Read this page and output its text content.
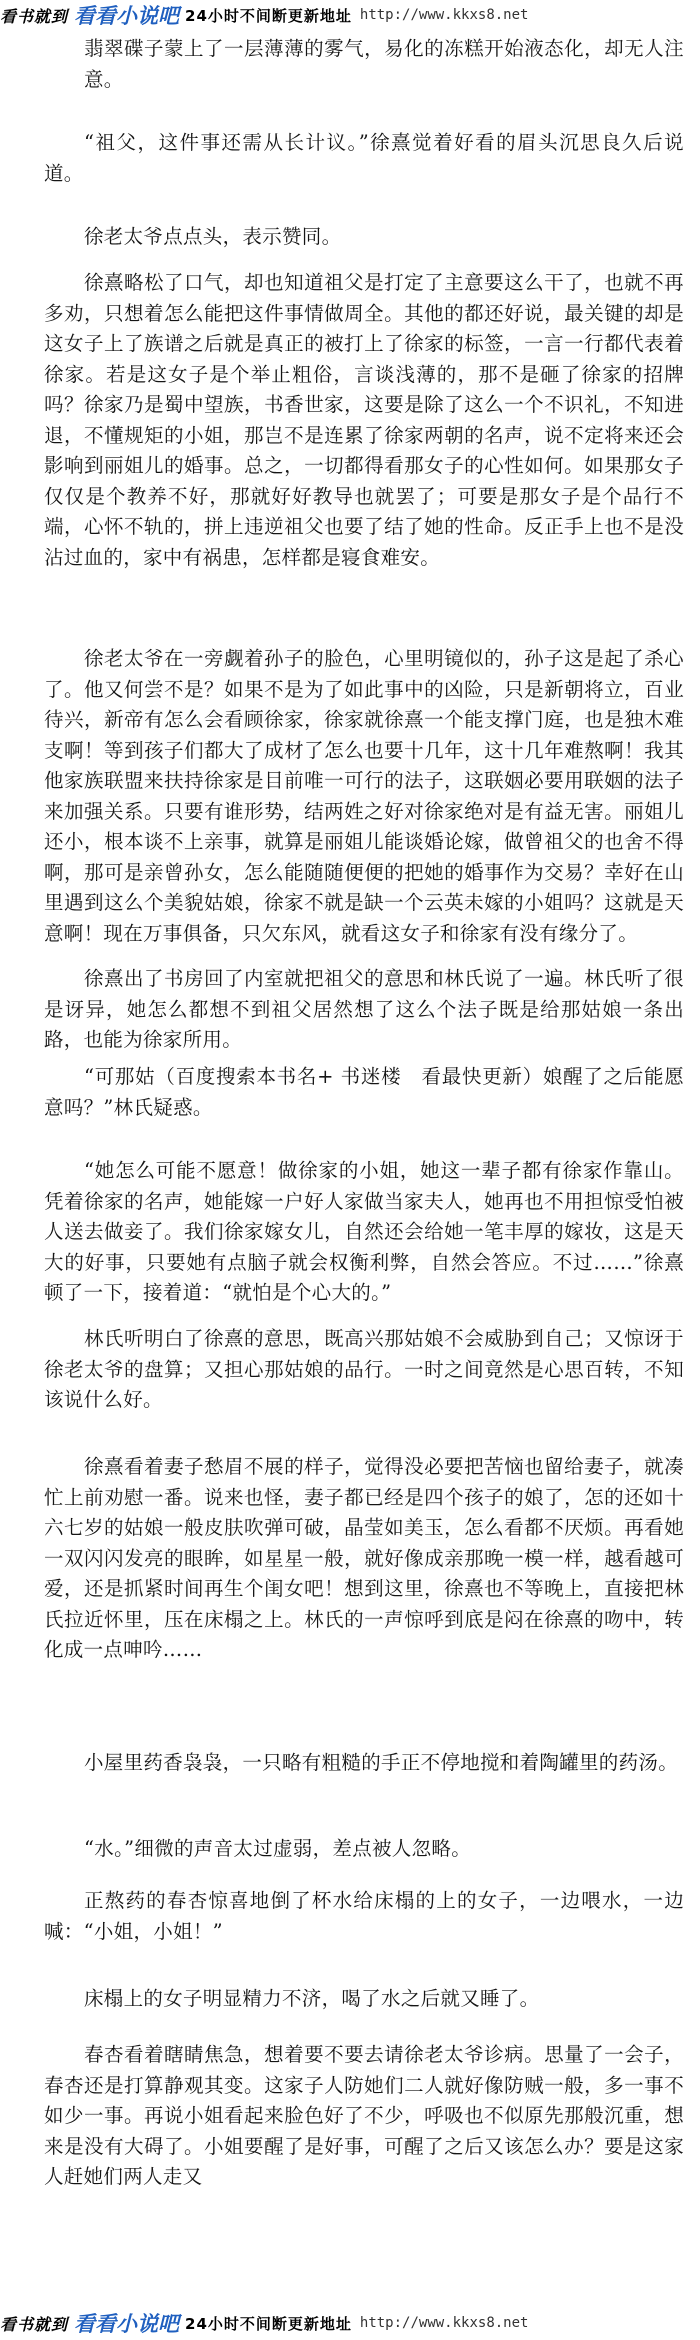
看书就到 看看小说吧 24小时不间断更新地址 http://www.kkxs8.net

翡翠碟子蒙上了一层薄薄的雾气，易化的冻糕开始液态化，却无人注意。

“祖父，这件事还需从长计议。”徐熹觉着好看的眉头沉思良久后说道。

徐老太爷点点头，表示赞同。

徐熹略松了口气，却也知道祖父是打定了主意要这么干了，也就不再多劝，只想着怎么能把这件事情做周全。其他的都还好说，最关键的却是这女子上了族谱之后就是真正的被打上了徐家的标签，一言一行都代表着徐家。若是这女子是个举止粗俗，言谈浅薄的，那不是砸了徐家的招牌吗？徐家乃是蜀中望族，书香世家，这要是除了这么一个不识礼，不知进退，不懂规矩的小姐，那岂不是连累了徐家两朝的名声，说不定将来还会影响到丽姐儿的婚事。总之，一切都得看那女子的心性如何。如果那女子仅仅是个教养不好，那就好好教导也就罢了；可要是那女子是个品行不端，心怀不轨的，拼上违逆祖父也要了结了她的性命。反正手上也不是没沾过血的，家中有祸患，怎样都是寝食难安。

徐老太爷在一旁觑着孙子的脸色，心里明镜似的，孙子这是起了杀心了。他又何尝不是？如果不是为了如此事中的凶险，只是新朝将立，百业待兴，新帝有怎么会看顾徐家，徐家就徐熹一个能支撑门庭，也是独木难支啊！等到孩子们都大了成材了怎么也要十几年，这十几年难熬啊！我其他家族联盟来扶持徐家是目前唯一可行的法子，这联姻必要用联姻的法子来加强关系。只要有谁形势，结两姓之好对徐家绝对是有益无害。丽姐儿还小，根本谈不上亲事，就算是丽姐儿能谈婚论嫁，做曾祖父的也舍不得啊，那可是亲曾孙女，怎么能随随便便的把她的婚事作为交易？幸好在山里遇到这么个美貌姑娘，徐家不就是缺一个云英未嫁的小姐吗？这就是天意啊！现在万事俱备，只欠东风，就看这女子和徐家有没有缘分了。

徐熹出了书房回了内室就把祖父的意思和林氏说了一遍。林氏听了很是讶异，她怎么都想不到祖父居然想了这么个法子既是给那姑娘一条出路，也能为徐家所用。

“可那姑（百度搜索本书名+ 书迷楼　看最快更新）娘醒了之后能愿意吗？”林氏疑惑。

“她怎么可能不愿意！做徐家的小姐，她这一辈子都有徐家作靠山。凭着徐家的名声，她能嫁一户好人家做当家夫人，她再也不用担惊受怕被人送去做妾了。我们徐家嫁女儿，自然还会给她一笔丰厚的嫁妆，这是天大的好事，只要她有点脑子就会权衡利弊，自然会答应。不过……”徐熹顿了一下，接着道：“就怕是个心大的。”

林氏听明白了徐熹的意思，既高兴那姑娘不会威胁到自己；又惊讶于徐老太爷的盘算；又担心那姑娘的品行。一时之间竟然是心思百转，不知该说什么好。

徐熹看着妻子愁眉不展的样子，觉得没必要把苦恼也留给妻子，就凑忙上前劝慰一番。说来也怪，妻子都已经是四个孩子的娘了，怎的还如十六七岁的姑娘一般皮肤吹弹可破，晶莹如美玉，怎么看都不厌烦。再看她一双闪闪发亮的眼眸，如星星一般，就好像成亲那晚一模一样，越看越可爱，还是抓紧时间再生个闺女吧！想到这里，徐熹也不等晚上，直接把林氏拉近怀里，压在床榻之上。林氏的一声惊呼到底是闷在徐熹的吻中，转化成一点呻吟……

小屋里药香袅袅，一只略有粗糙的手正不停地搅和着陶罐里的药汤。

“水。”细微的声音太过虚弱，差点被人忽略。

正熬药的春杏惊喜地倒了杯水给床榻的上的女子，一边喂水，一边喊：“小姐，小姐！”

床榻上的女子明显精力不济，喝了水之后就又睡了。

春杏看着瞎睛焦急，想着要不要去请徐老太爷诊病。思量了一会子，春杏还是打算静观其变。这家子人防她们二人就好像防贼一般，多一事不如少一事。再说小姐看起来脸色好了不少，呼吸也不似原先那般沉重，想来是没有大碍了。小姐要醒了是好事，可醒了之后又该怎么办？要是这家人赶她们两人走又

看书就到 看看小说吧 24小时不间断更新地址 http://www.kkxs8.net
